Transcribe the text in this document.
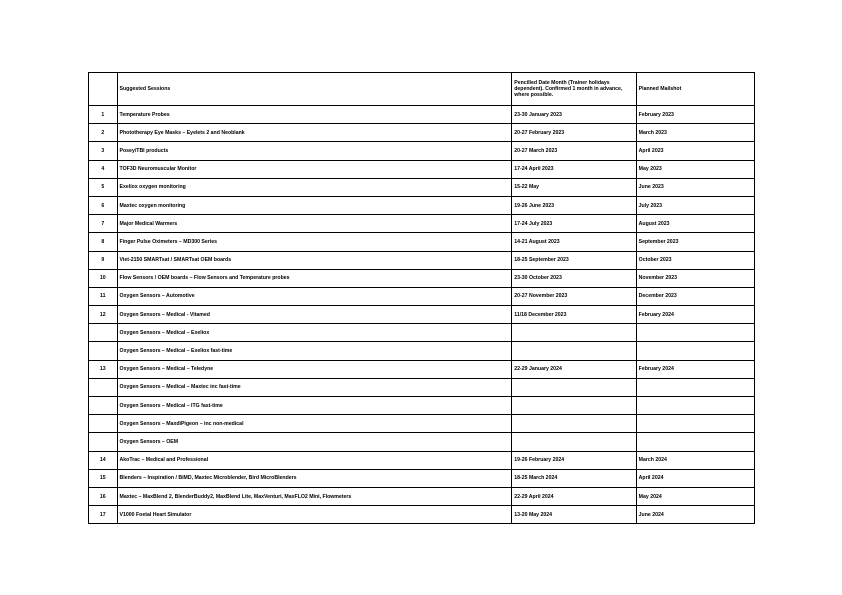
	Suggested Sessions	Pencilled Date Month (Trainer holidays dependent). Confirmed 1 month in advance, where possible.	Planned Mailshot
1	Temperature Probes	23-30 January 2023	February 2023
2	Phototherapy Eye Masks – Eyelets 2 and Neoblank	20-27 February 2023	March 2023
3	Posey/TBI products	20-27 March 2023	April 2023
4	TOF3D Neuromuscular Monitor	17-24 April 2023	May 2023
5	Exeliox oxygen monitoring	15-22 May	June 2023
6	Maxtec oxygen monitoring	19-26 June 2023	July 2023
7	Major Medical Warmers	17-24 July 2023	August 2023
8	Finger Pulse Oximeters – MD300 Series	14-21 August 2023	September 2023
9	Viet-2150 SMARTsat / SMARTsat OEM boards	18-25 September 2023	October 2023
10	Flow Sensors / OEM boards – Flow Sensors and Temperature probes	23-30 October 2023	November 2023
11	Oxygen Sensors – Automotive	20-27 November 2023	December 2023
12	Oxygen Sensors – Medical - Vitamed	11/18 December 2023	February 2024
	Oxygen Sensors – Medical – Exeliox		
	Oxygen Sensors – Medical – Exeliox fast-time		
13	Oxygen Sensors – Medical – Teledyne	22-29 January 2024	February 2024
	Oxygen Sensors – Medical – Maxtec inc fast-time		
	Oxygen Sensors – Medical – ITG fast-time		
	Oxygen Sensors – MaxdiPigeon – inc non-medical		
	Oxygen Sensors – OEM		
14	AkoTrac – Medical and Professional	19-26 February 2024	March 2024
15	Blenders – Inspiration / BiMD, Maxtec Microblender, Bird MicroBlenders	18-25 March 2024	April 2024
16	Maxtec – MaxBlend 2, BlenderBuddy2, MaxBlend Lite, MaxVenturi, MaxFLO2 Mini, Flowmeters	22-29 April 2024	May 2024
17	V1000 Foetal Heart Simulator	13-20 May 2024	June 2024
